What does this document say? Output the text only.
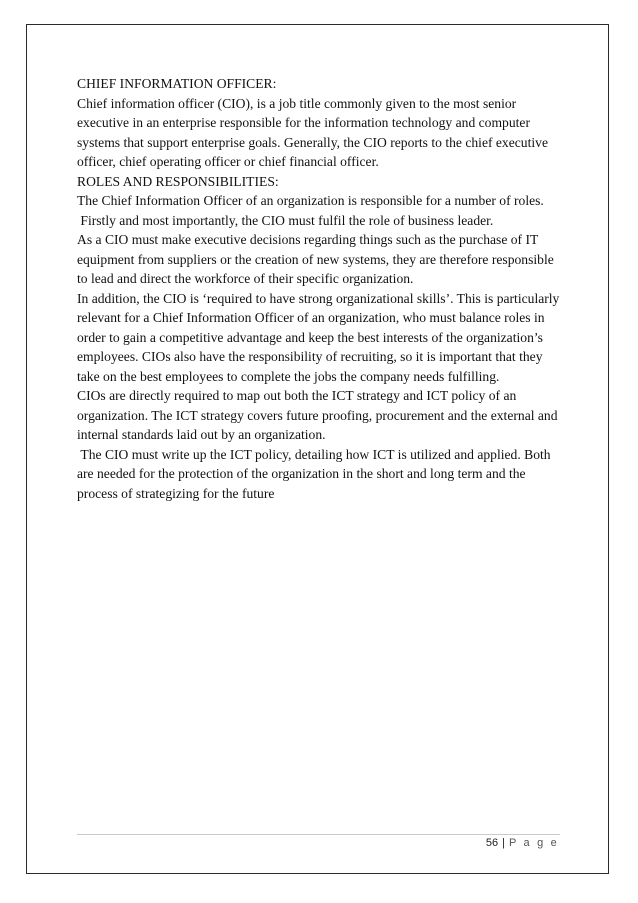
CHIEF INFORMATION OFFICER:

Chief information officer (CIO), is a job title commonly given to the most senior executive in an enterprise responsible for the information technology and computer systems that support enterprise goals. Generally, the CIO reports to the chief executive officer, chief operating officer or chief financial officer.

ROLES AND RESPONSIBILITIES:

The Chief Information Officer of an organization is responsible for a number of roles.

Firstly and most importantly, the CIO must fulfil the role of business leader.

As a CIO must make executive decisions regarding things such as the purchase of IT equipment from suppliers or the creation of new systems, they are therefore responsible to lead and direct the workforce of their specific organization.

In addition, the CIO is ‘required to have strong organizational skills’. This is particularly relevant for a Chief Information Officer of an organization, who must balance roles in order to gain a competitive advantage and keep the best interests of the organization’s employees. CIOs also have the responsibility of recruiting, so it is important that they take on the best employees to complete the jobs the company needs fulfilling.

CIOs are directly required to map out both the ICT strategy and ICT policy of an organization. The ICT strategy covers future proofing, procurement and the external and internal standards laid out by an organization.

The CIO must write up the ICT policy, detailing how ICT is utilized and applied. Both are needed for the protection of the organization in the short and long term and the process of strategizing for the future

56 | P a g e
